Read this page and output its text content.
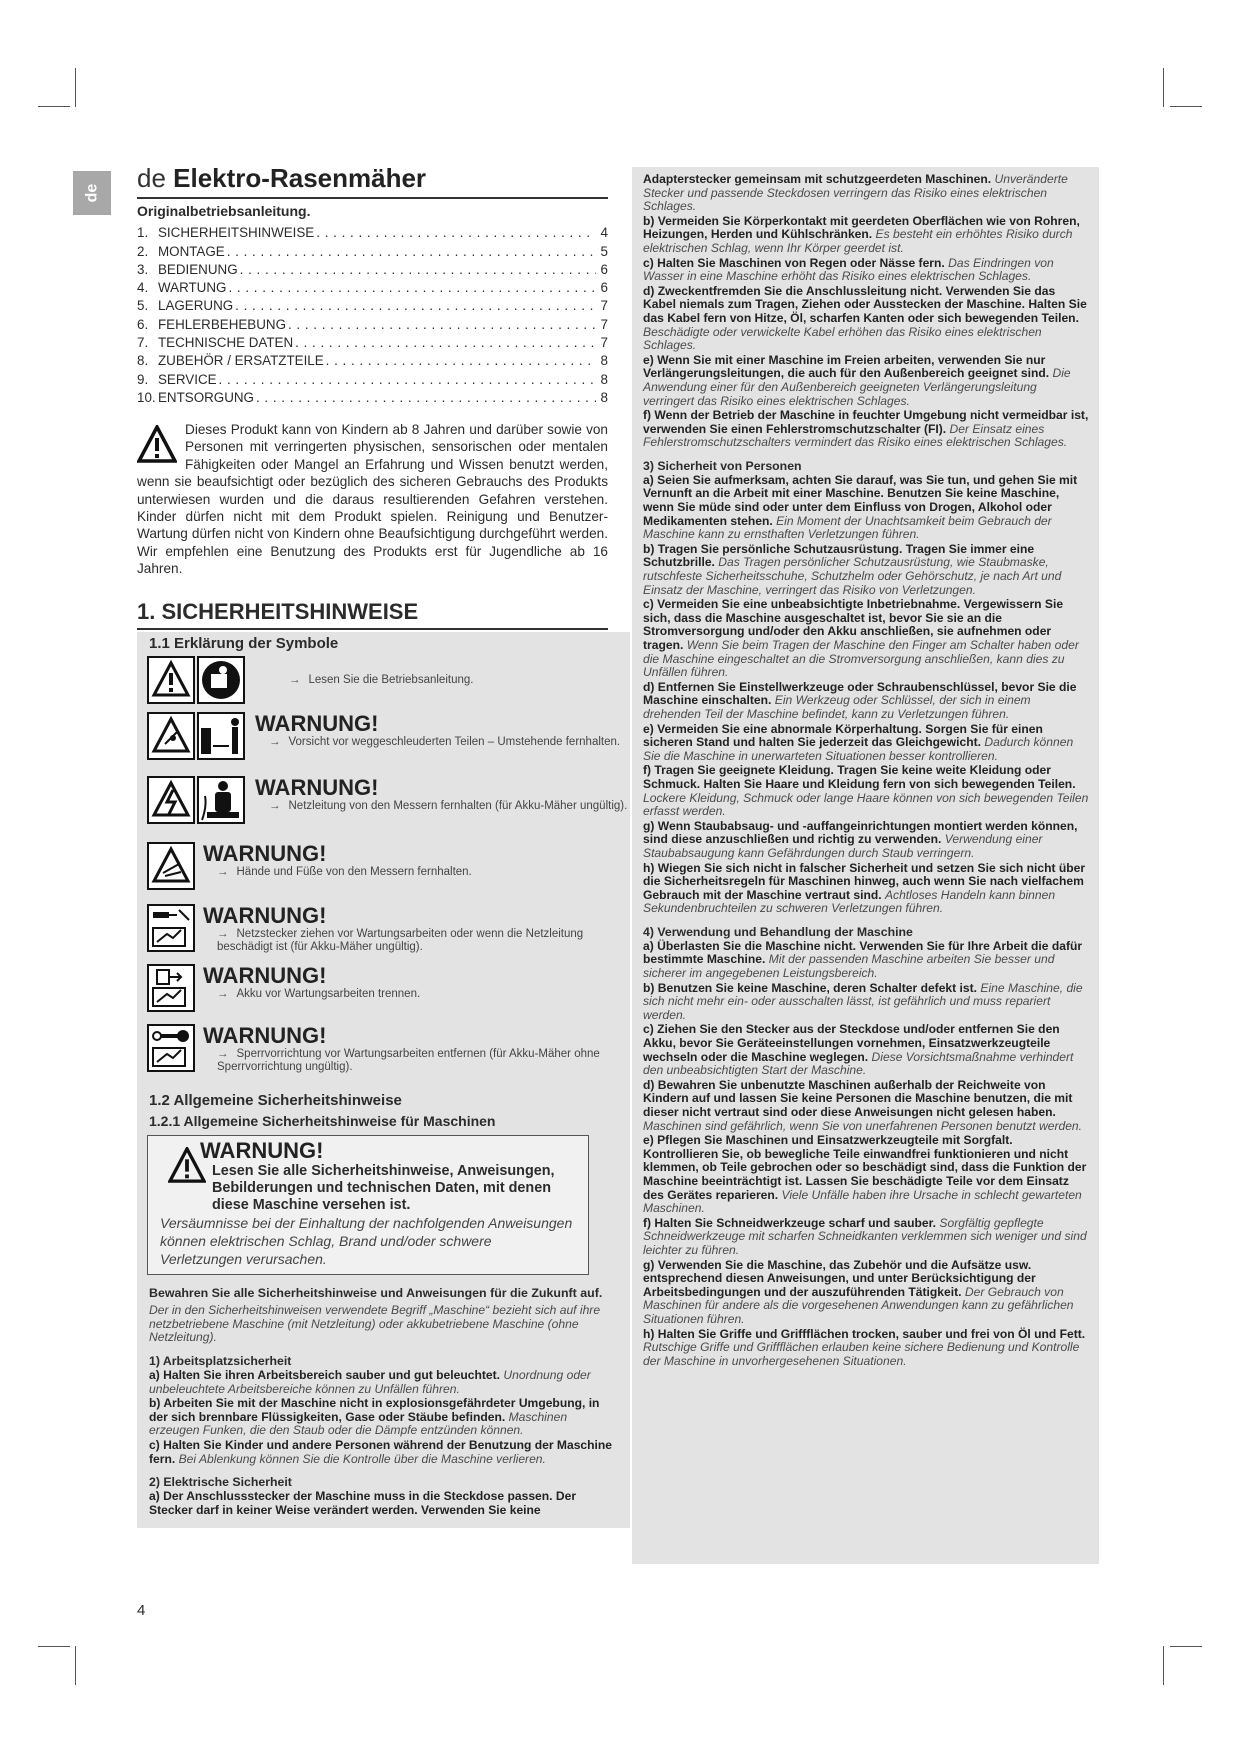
de de Elektro-Rasenmäher
Originalbetriebsanleitung.
1. SICHERHEITSHINWEISE . . .	4
2. MONTAGE . . .	5
3. BEDIENUNG . . .	6
4. WARTUNG . . .	6
5. LAGERUNG . . .	7
6. FEHLERBEHEBUNG . . .	7
7. TECHNISCHE DATEN . . .	7
8. ZUBEHÖR / ERSATZTEILE . . .	8
9. SERVICE . . .	8
10. ENTSORGUNG . . .	8
Dieses Produkt kann von Kindern ab 8 Jahren und darüber sowie von Personen mit verringerten physischen, sensorischen oder mentalen Fähigkeiten oder Mangel an Erfahrung und Wissen benutzt werden, wenn sie beaufsichtigt oder bezüglich des sicheren Gebrauchs des Produkts unterwiesen wurden und die daraus resultierenden Gefahren verstehen. Kinder dürfen nicht mit dem Produkt spielen. Reinigung und Benutzer-Wartung dürfen nicht von Kindern ohne Beaufsichtigung durchgeführt werden. Wir empfehlen eine Benutzung des Produkts erst für Jugendliche ab 16 Jahren.
1. SICHERHEITSHINWEISE
1.1 Erklärung der Symbole
→ Lesen Sie die Betriebsanleitung.
WARNUNG!
→ Vorsicht vor weggeschleuderten Teilen – Umstehende fernhalten.
WARNUNG!
→ Netzleitung von den Messern fernhalten (für Akku-Mäher ungültig).
WARNUNG!
→ Hände und Füße von den Messern fernhalten.
WARNUNG!
→ Netzstecker ziehen vor Wartungsarbeiten oder wenn die Netzleitung beschädigt ist (für Akku-Mäher ungültig).
WARNUNG!
→ Akku vor Wartungsarbeiten trennen.
WARNUNG!
→ Sperrvorrichtung vor Wartungsarbeiten entfernen (für Akku-Mäher ohne Sperrvorrichtung ungültig).
1.2 Allgemeine Sicherheitshinweise
1.2.1 Allgemeine Sicherheitshinweise für Maschinen
WARNUNG!
Lesen Sie alle Sicherheitshinweise, Anweisungen, Bebilderungen und technischen Daten, mit denen diese Maschine versehen ist.
Versäumnisse bei der Einhaltung der nachfolgenden Anweisungen können elektrischen Schlag, Brand und/oder schwere Verletzungen verursachen.

Bewahren Sie alle Sicherheitshinweise und Anweisungen für die Zukunft auf.

Der in den Sicherheitshinweisen verwendete Begriff „Maschine“ bezieht sich auf ihre netzbetriebene Maschine (mit Netzleitung) oder akkubetriebene Maschine (ohne Netzleitung).

1) Arbeitsplatzsicherheit

a) Halten Sie ihren Arbeitsbereich sauber und gut beleuchtet. Unordnung oder unbeleuchtete Arbeitsbereiche können zu Unfällen führen.

b) Arbeiten Sie mit der Maschine nicht in explosionsgefährdeter Umgebung, in der sich brennbare Flüssigkeiten, Gase oder Stäube befinden. Maschinen erzeugen Funken, die den Staub oder die Dämpfe entzünden können.

c) Halten Sie Kinder und andere Personen während der Benutzung der Maschine fern. Bei Ablenkung können Sie die Kontrolle über die Maschine verlieren.

2) Elektrische Sicherheit

a) Der Anschlussstecker der Maschine muss in die Steckdose passen. Der Stecker darf in keiner Weise verändert werden. Verwenden Sie keine

Adapterstecker gemeinsam mit schutzgeerdeten Maschinen. Unveränderte Stecker und passende Steckdosen verringern das Risiko eines elektrischen Schlages.

b) Vermeiden Sie Körperkontakt mit geerdeten Oberflächen wie von Rohren, Heizungen, Herden und Kühlschränken. Es besteht ein erhöhtes Risiko durch elektrischen Schlag, wenn Ihr Körper geerdet ist.

c) Halten Sie Maschinen von Regen oder Nässe fern. Das Eindringen von Wasser in eine Maschine erhöht das Risiko eines elektrischen Schlages.

d) Zweckentfremden Sie die Anschlussleitung nicht. Verwenden Sie das Kabel niemals zum Tragen, Ziehen oder Ausstecken der Maschine. Halten Sie das Kabel fern von Hitze, Öl, scharfen Kanten oder sich bewegenden Teilen. Beschädigte oder verwickelte Kabel erhöhen das Risiko eines elektrischen Schlages.

e) Wenn Sie mit einer Maschine im Freien arbeiten, verwenden Sie nur Verlängerungsleitungen, die auch für den Außenbereich geeignet sind. Die Anwendung einer für den Außenbereich geeigneten Verlängerungsleitung verringert das Risiko eines elektrischen Schlages.

f) Wenn der Betrieb der Maschine in feuchter Umgebung nicht vermeidbar ist, verwenden Sie einen Fehlerstromschutzschalter (FI). Der Einsatz eines Fehlerstromschutzschalters vermindert das Risiko eines elektrischen Schlages.

3) Sicherheit von Personen

a) Seien Sie aufmerksam, achten Sie darauf, was Sie tun, und gehen Sie mit Vernunft an die Arbeit mit einer Maschine. Benutzen Sie keine Maschine, wenn Sie müde sind oder unter dem Einfluss von Drogen, Alkohol oder Medikamenten stehen. Ein Moment der Unachtsamkeit beim Gebrauch der Maschine kann zu ernsthaften Verletzungen führen.

b) Tragen Sie persönliche Schutzausrüstung. Tragen Sie immer eine Schutzbrille. Das Tragen persönlicher Schutzausrüstung, wie Staubmaske, rutschfeste Sicherheitsschuhe, Schutzhelm oder Gehörschutz, je nach Art und Einsatz der Maschine, verringert das Risiko von Verletzungen.

c) Vermeiden Sie eine unbeabsichtigte Inbetriebnahme. Vergewissern Sie sich, dass die Maschine ausgeschaltet ist, bevor Sie sie an die Stromversorgung und/oder den Akku anschließen, sie aufnehmen oder tragen. Wenn Sie beim Tragen der Maschine den Finger am Schalter haben oder die Maschine eingeschaltet an die Stromversorgung anschließen, kann dies zu Unfällen führen.

d) Entfernen Sie Einstellwerkzeuge oder Schraubenschlüssel, bevor Sie die Maschine einschalten. Ein Werkzeug oder Schlüssel, der sich in einem drehenden Teil der Maschine befindet, kann zu Verletzungen führen.

e) Vermeiden Sie eine abnormale Körperhaltung. Sorgen Sie für einen sicheren Stand und halten Sie jederzeit das Gleichgewicht. Dadurch können Sie die Maschine in unerwarteten Situationen besser kontrollieren.

f) Tragen Sie geeignete Kleidung. Tragen Sie keine weite Kleidung oder Schmuck. Halten Sie Haare und Kleidung fern von sich bewegenden Teilen. Lockere Kleidung, Schmuck oder lange Haare können von sich bewegenden Teilen erfasst werden.

g) Wenn Staubabsaug- und -auffangeinrichtungen montiert werden können, sind diese anzuschließen und richtig zu verwenden. Verwendung einer Staubabsaugung kann Gefährdungen durch Staub verringern.

h) Wiegen Sie sich nicht in falscher Sicherheit und setzen Sie sich nicht über die Sicherheitsregeln für Maschinen hinweg, auch wenn Sie nach vielfachem Gebrauch mit der Maschine vertraut sind. Achtloses Handeln kann binnen Sekundenbruchteilen zu schweren Verletzungen führen.

4) Verwendung und Behandlung der Maschine

a) Überlasten Sie die Maschine nicht. Verwenden Sie für Ihre Arbeit die dafür bestimmte Maschine. Mit der passenden Maschine arbeiten Sie besser und sicherer im angegebenen Leistungsbereich.

b) Benutzen Sie keine Maschine, deren Schalter defekt ist. Eine Maschine, die sich nicht mehr ein- oder ausschalten lässt, ist gefährlich und muss repariert werden.

c) Ziehen Sie den Stecker aus der Steckdose und/oder entfernen Sie den Akku, bevor Sie Geräteeinstellungen vornehmen, Einsatzwerkzeugteile wechseln oder die Maschine weglegen. Diese Vorsichtsmaßnahme verhindert den unbeabsichtigten Start der Maschine.

d) Bewahren Sie unbenutzte Maschinen außerhalb der Reichweite von Kindern auf und lassen Sie keine Personen die Maschine benutzen, die mit dieser nicht vertraut sind oder diese Anweisungen nicht gelesen haben. Maschinen sind gefährlich, wenn Sie von unerfahrenen Personen benutzt werden.

e) Pflegen Sie Maschinen und Einsatzwerkzeugteile mit Sorgfalt. Kontrollieren Sie, ob bewegliche Teile einwandfrei funktionieren und nicht klemmen, ob Teile gebrochen oder so beschädigt sind, dass die Funktion der Maschine beeinträchtigt ist. Lassen Sie beschädigte Teile vor dem Einsatz des Gerätes reparieren. Viele Unfälle haben ihre Ursache in schlecht gewarteten Maschinen.

f) Halten Sie Schneidwerkzeuge scharf und sauber. Sorgfältig gepflegte Schneidwerkzeuge mit scharfen Schneidkanten verklemmen sich weniger und sind leichter zu führen.

g) Verwenden Sie die Maschine, das Zubehör und die Aufsätze usw. entsprechend diesen Anweisungen, und unter Berücksichtigung der Arbeitsbedingungen und der auszuführenden Tätigkeit. Der Gebrauch von Maschinen für andere als die vorgesehenen Anwendungen kann zu gefährlichen Situationen führen.

h) Halten Sie Griffe und Griffflächen trocken, sauber und frei von Öl und Fett. Rutschige Griffe und Griffflächen erlauben keine sichere Bedienung und Kontrolle der Maschine in unvorhergesehenen Situationen.

4
